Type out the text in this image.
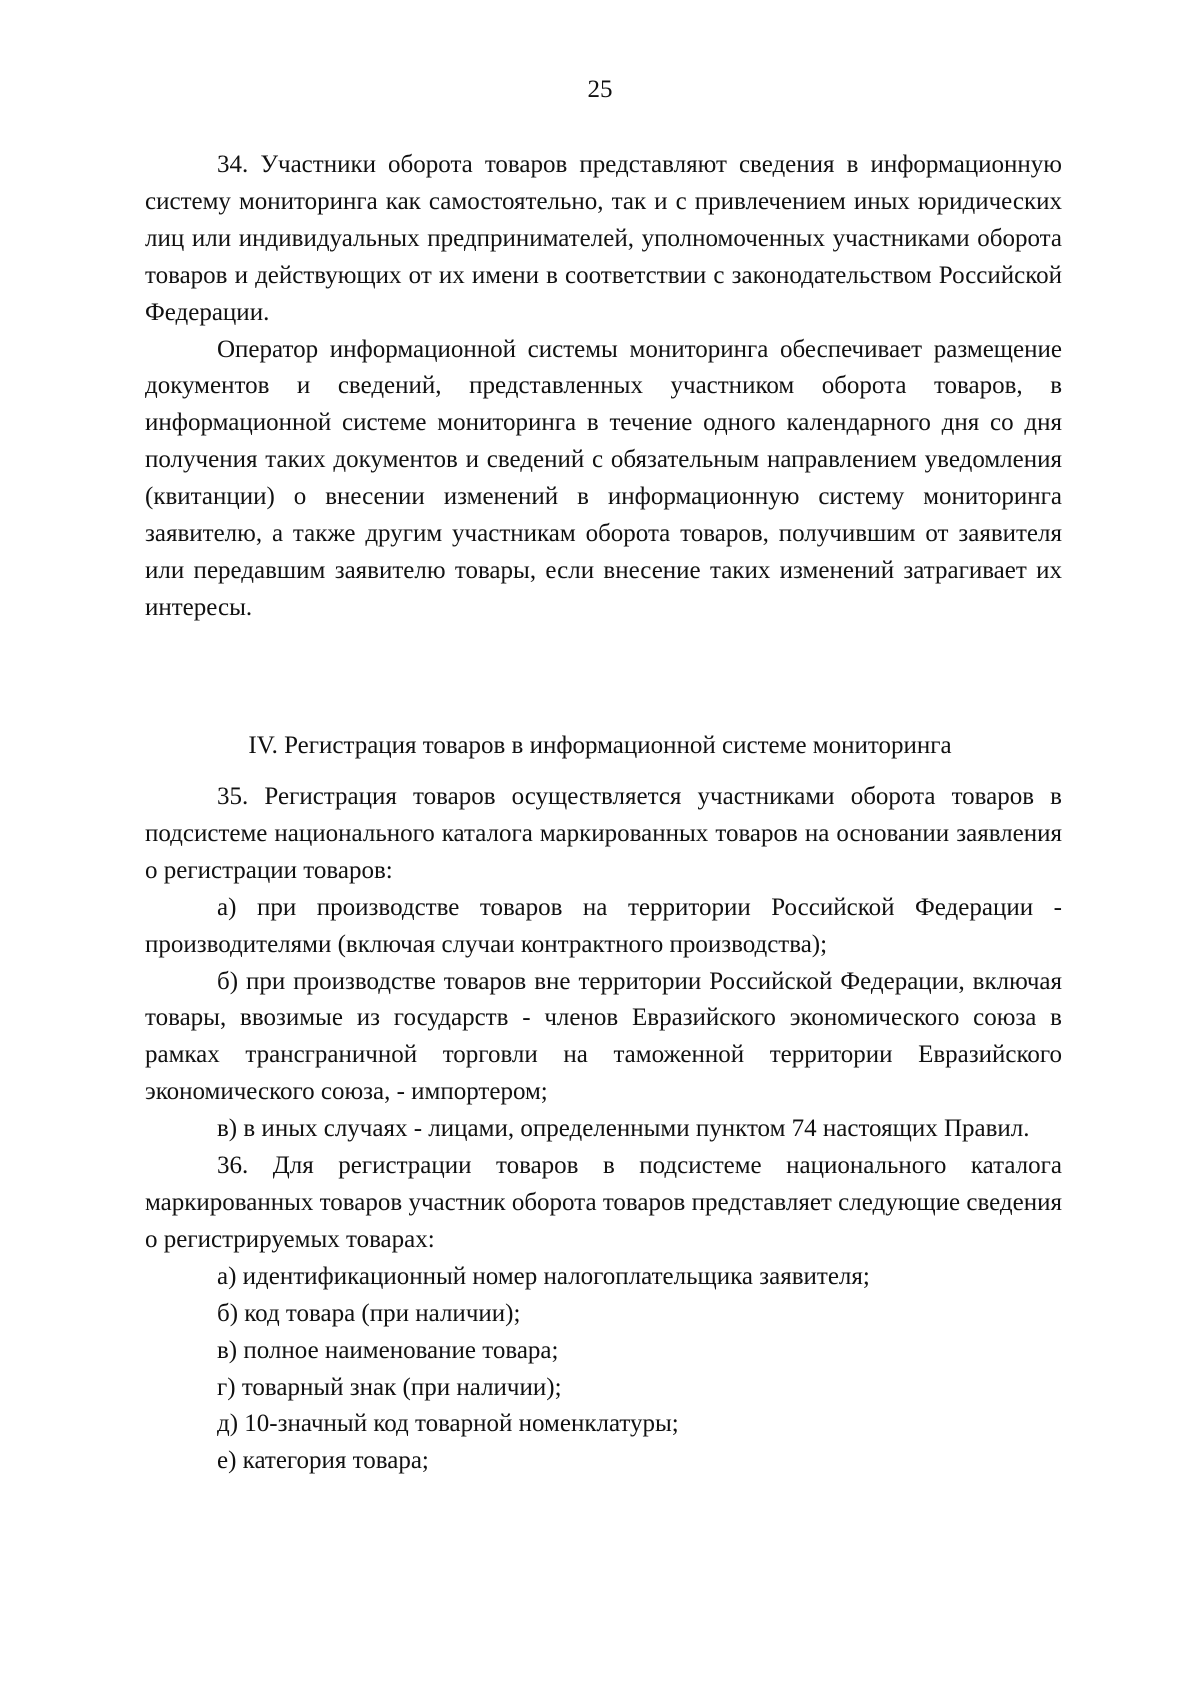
25

34. Участники оборота товаров представляют сведения в информационную систему мониторинга как самостоятельно, так и с привлечением иных юридических лиц или индивидуальных предпринимателей, уполномоченных участниками оборота товаров и действующих от их имени в соответствии с законодательством Российской Федерации.

Оператор информационной системы мониторинга обеспечивает размещение документов и сведений, представленных участником оборота товаров, в информационной системе мониторинга в течение одного календарного дня со дня получения таких документов и сведений с обязательным направлением уведомления (квитанции) о внесении изменений в информационную систему мониторинга заявителю, а также другим участникам оборота товаров, получившим от заявителя или передавшим заявителю товары, если внесение таких изменений затрагивает их интересы.

IV. Регистрация товаров в информационной системе мониторинга

35. Регистрация товаров осуществляется участниками оборота товаров в подсистеме национального каталога маркированных товаров на основании заявления о регистрации товаров:

а) при производстве товаров на территории Российской Федерации - производителями (включая случаи контрактного производства);

б) при производстве товаров вне территории Российской Федерации, включая товары, ввозимые из государств - членов Евразийского экономического союза в рамках трансграничной торговли на таможенной территории Евразийского экономического союза, - импортером;

в) в иных случаях - лицами, определенными пунктом 74 настоящих Правил.

36. Для регистрации товаров в подсистеме национального каталога маркированных товаров участник оборота товаров представляет следующие сведения о регистрируемых товарах:

а) идентификационный номер налогоплательщика заявителя;

б) код товара (при наличии);

в) полное наименование товара;

г) товарный знак (при наличии);

д) 10-значный код товарной номенклатуры;

е) категория товара;
